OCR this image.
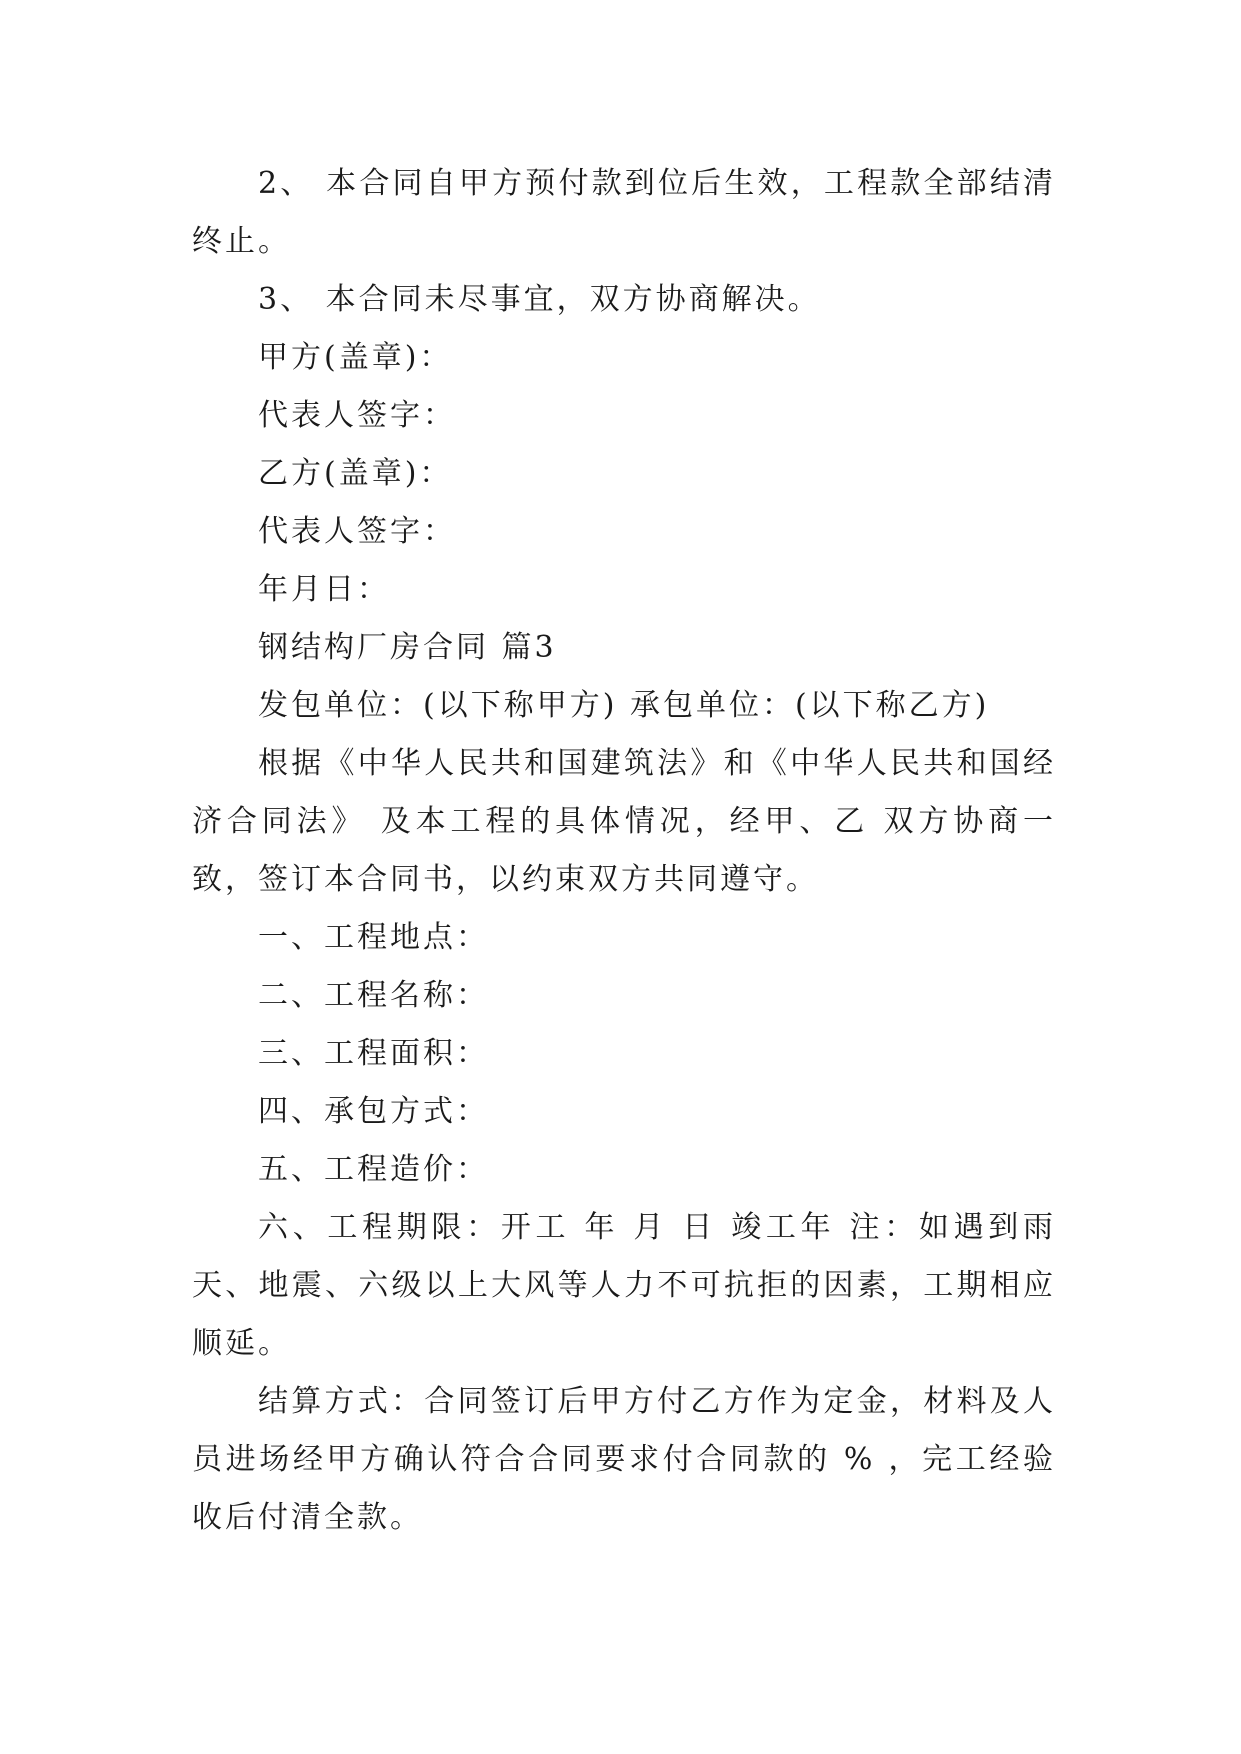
2、 本合同自甲方预付款到位后生效，工程款全部结清终止。

3、 本合同未尽事宜，双方协商解决。

甲方(盖章)：

代表人签字：

乙方(盖章)：

代表人签字：

年月日：

钢结构厂房合同 篇3

发包单位：(以下称甲方) 承包单位：(以下称乙方)

根据《中华人民共和国建筑法》和《中华人民共和国经济合同法》 及本工程的具体情况，经甲、乙 双方协商一致，签订本合同书，以约束双方共同遵守。

一、工程地点：

二、工程名称：

三、工程面积：

四、承包方式：

五、工程造价：

六、工程期限：开工 年 月 日 竣工年 注：如遇到雨天、地震、六级以上大风等人力不可抗拒的因素，工期相应顺延。

结算方式：合同签订后甲方付乙方作为定金，材料及人员进场经甲方确认符合合同要求付合同款的 % ，完工经验收后付清全款。
